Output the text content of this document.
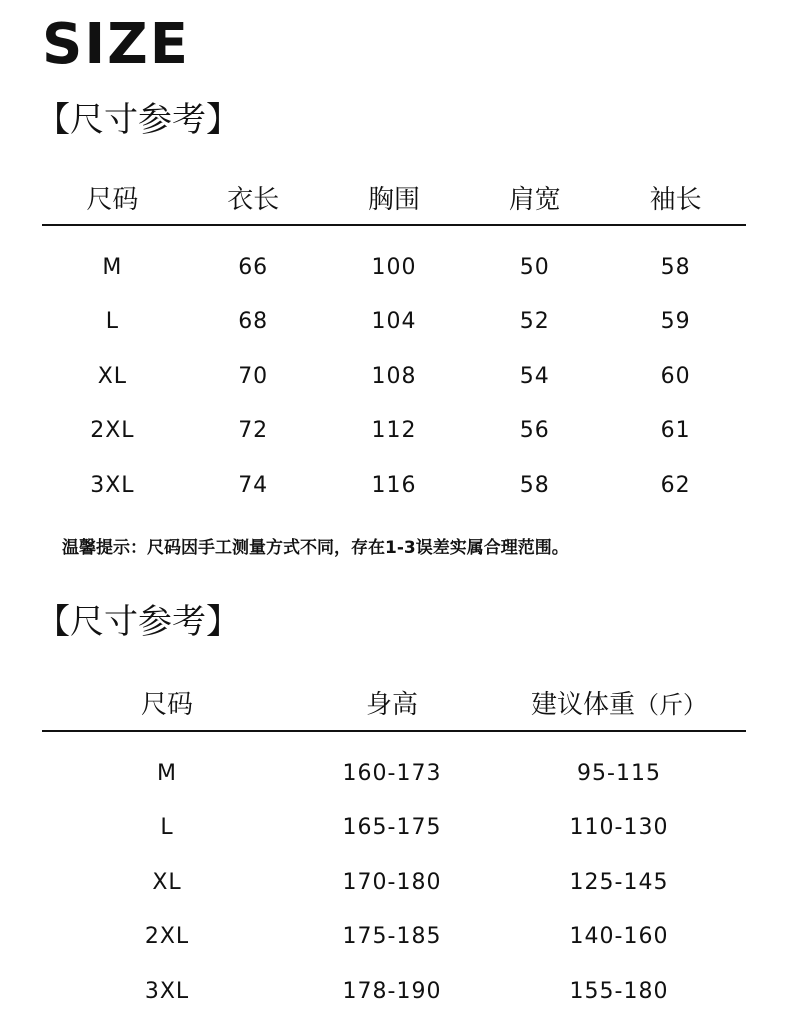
SIZE
【尺寸参考】
尺码	衣长	胸围	肩宽	袖长
M	66	100	50	58
L	68	104	52	59
XL	70	108	54	60
2XL	72	112	56	61
3XL	74	116	58	62
温馨提示：尺码因手工测量方式不同，存在1-3误差实属合理范围。
【尺寸参考】
尺码	身高	建议体重（斤）
M	160-173	95-115
L	165-175	110-130
XL	170-180	125-145
2XL	175-185	140-160
3XL	178-190	155-180
